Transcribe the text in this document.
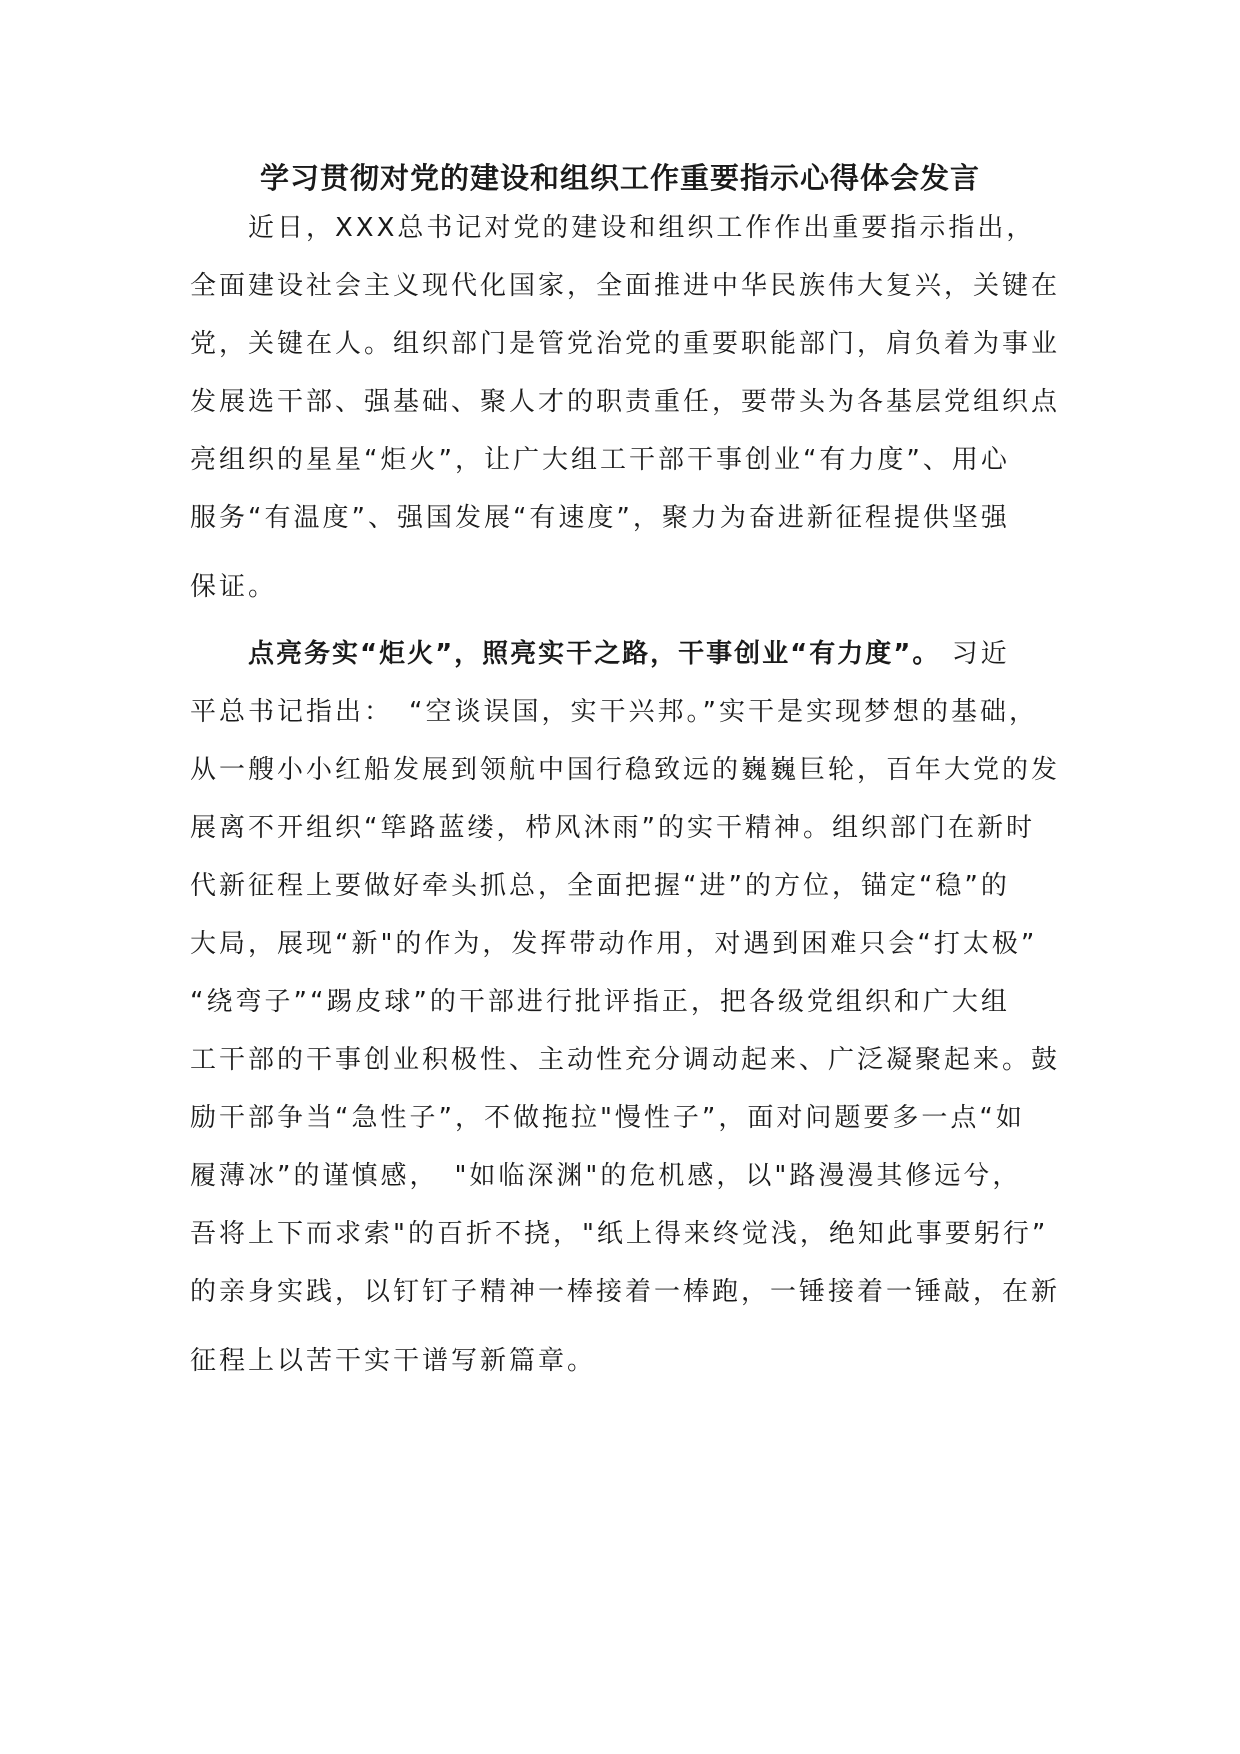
学习贯彻对党的建设和组织工作重要指示心得体会发言
近日，XXX总书记对党的建设和组织工作作出重要指示指出，
全面建设社会主义现代化国家，全面推进中华民族伟大复兴，关键在
党，关键在人。组织部门是管党治党的重要职能部门，肩负着为事业
发展选干部、强基础、聚人才的职责重任，要带头为各基层党组织点
亮组织的星星“炬火”，让广大组工干部干事创业“有力度”、用心
服务“有温度”、强国发展“有速度”，聚力为奋进新征程提供坚强
保证。
点亮务实“炬火”，照亮实干之路，干事创业“有力度”。 习近
平总书记指出：　“空谈误国，实干兴邦。”实干是实现梦想的基础，
从一艘小小红船发展到领航中国行稳致远的巍巍巨轮，百年大党的发
展离不开组织“筚路蓝缕，栉风沐雨”的实干精神。组织部门在新时
代新征程上要做好牵头抓总，全面把握“进”的方位，锚定“稳”的
大局，展现“新"的作为，发挥带动作用，对遇到困难只会“打太极”
“绕弯子”“踢皮球”的干部进行批评指正，把各级党组织和广大组
工干部的干事创业积极性、主动性充分调动起来、广泛凝聚起来。鼓
励干部争当“急性子”，不做拖拉"慢性子”，面对问题要多一点“如
履薄冰”的谨慎感，　"如临深渊"的危机感，以"路漫漫其修远兮，
吾将上下而求索"的百折不挠，"纸上得来终觉浅，绝知此事要躬行”
的亲身实践，以钉钉子精神一棒接着一棒跑，一锤接着一锤敲，在新
征程上以苦干实干谱写新篇章。
